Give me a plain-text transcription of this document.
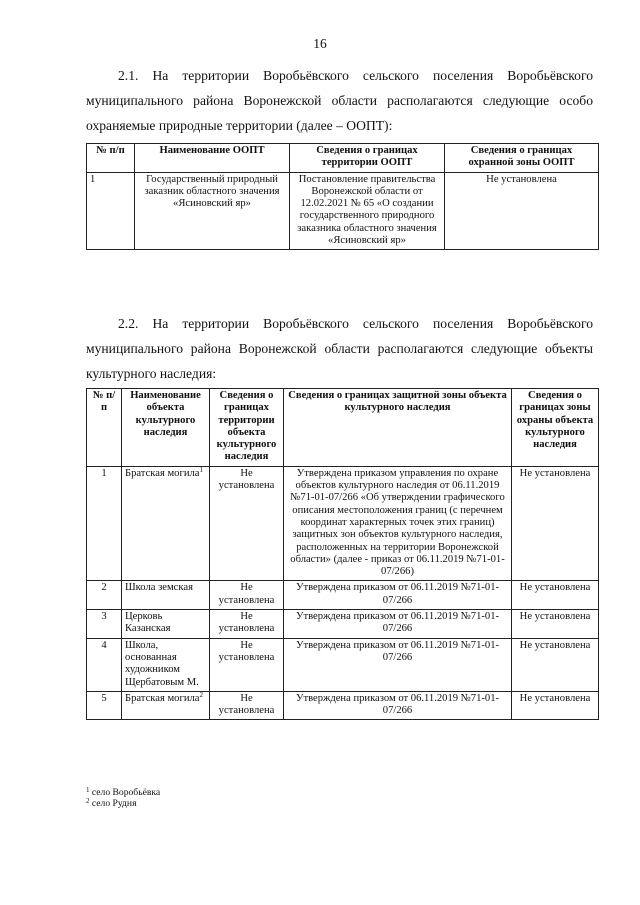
16
2.1. На территории Воробьёвского сельского поселения Воробьёвского муниципального района Воронежской области располагаются следующие особо охраняемые природные территории (далее – ООПТ):
№ п/п	Наименование ООПТ	Сведения о границах территории ООПТ	Сведения о границах охранной зоны ООПТ
1	Государственный природный заказник областного значения «Ясиновский яр»	Постановление правительства Воронежской области от 12.02.2021 № 65 «О создании государственного природного заказника областного значения «Ясиновский яр»	Не установлена
2.2. На территории Воробьёвского сельского поселения Воробьёвского муниципального района Воронежской области располагаются следующие объекты культурного наследия:
№ п/п	Наименование объекта культурного наследия	Сведения о границах территории объекта культурного наследия	Сведения о границах защитной зоны объекта культурного наследия	Сведения о границах зоны охраны объекта культурного наследия
1	Братская могила$^1$	Не установлена	Утверждена приказом управления по охране объектов культурного наследия от 06.11.2019 №71-01-07/266 «Об утверждении графического описания местоположения границ (с перечнем координат характерных точек этих границ) защитных зон объектов культурного наследия, расположенных на территории Воронежской области» (далее - приказ от 06.11.2019 №71-01-07/266)	Не установлена
2	Школа земская	Не установлена	Утверждена приказом от 06.11.2019 №71-01-07/266	Не установлена
3	Церковь Казанская	Не установлена	Утверждена приказом от 06.11.2019 №71-01-07/266	Не установлена
4	Школа, основанная художником Щербатовым М.	Не установлена	Утверждена приказом от 06.11.2019 №71-01-07/266	Не установлена
5	Братская могила$^2$	Не установлена	Утверждена приказом от 06.11.2019 №71-01-07/266	Не установлена
$^1$ село Воробьёвка
$^2$ село Рудня
